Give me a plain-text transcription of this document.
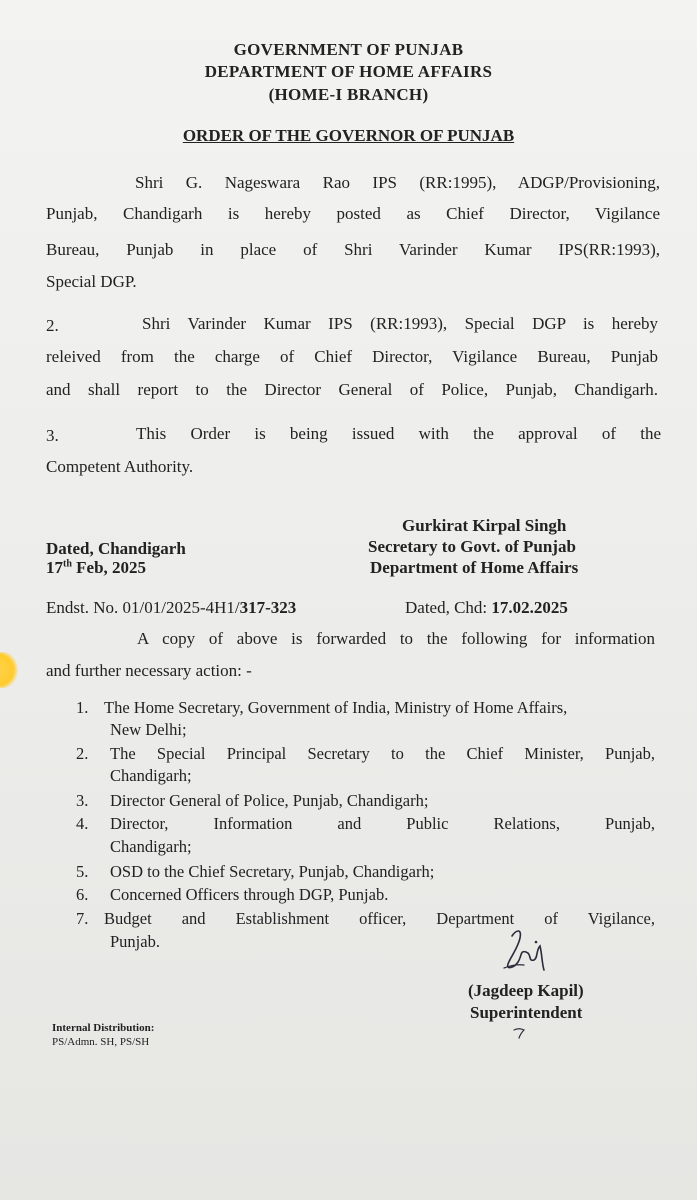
GOVERNMENT OF PUNJAB
DEPARTMENT OF HOME AFFAIRS
(HOME-I BRANCH)
ORDER OF THE GOVERNOR OF PUNJAB
Shri G. Nageswara Rao IPS (RR:1995), ADGP/Provisioning,
Punjab, Chandigarh is hereby posted as Chief Director, Vigilance
Bureau, Punjab in place of Shri Varinder Kumar IPS(RR:1993),
Special DGP.
2.	Shri Varinder Kumar IPS (RR:1993), Special DGP is hereby
releived from the charge of Chief Director, Vigilance Bureau, Punjab
and shall report to the Director General of Police, Punjab, Chandigarh.
3.	This Order is being issued with the approval of the
Competent Authority.
Gurkirat Kirpal Singh
Secretary to Govt. of Punjab
Department of Home Affairs
Dated, Chandigarh
17th Feb, 2025
Endst. No. 01/01/2025-4H1/317-323	Dated, Chd: 17.02.2025
A copy of above is forwarded to the following for information
and further necessary action: -
1. The Home Secretary, Government of India, Ministry of Home Affairs,
New Delhi;
2. The Special Principal Secretary to the Chief Minister, Punjab,
Chandigarh;
3. Director General of Police, Punjab, Chandigarh;
4. Director, Information and Public Relations, Punjab,
Chandigarh;
5. OSD to the Chief Secretary, Punjab, Chandigarh;
6. Concerned Officers through DGP, Punjab.
7. Budget and Establishment officer, Department of Vigilance,
Punjab.
(Jagdeep Kapil)
Superintendent
Internal Distribution:
PS/Admn. SH, PS/SH
